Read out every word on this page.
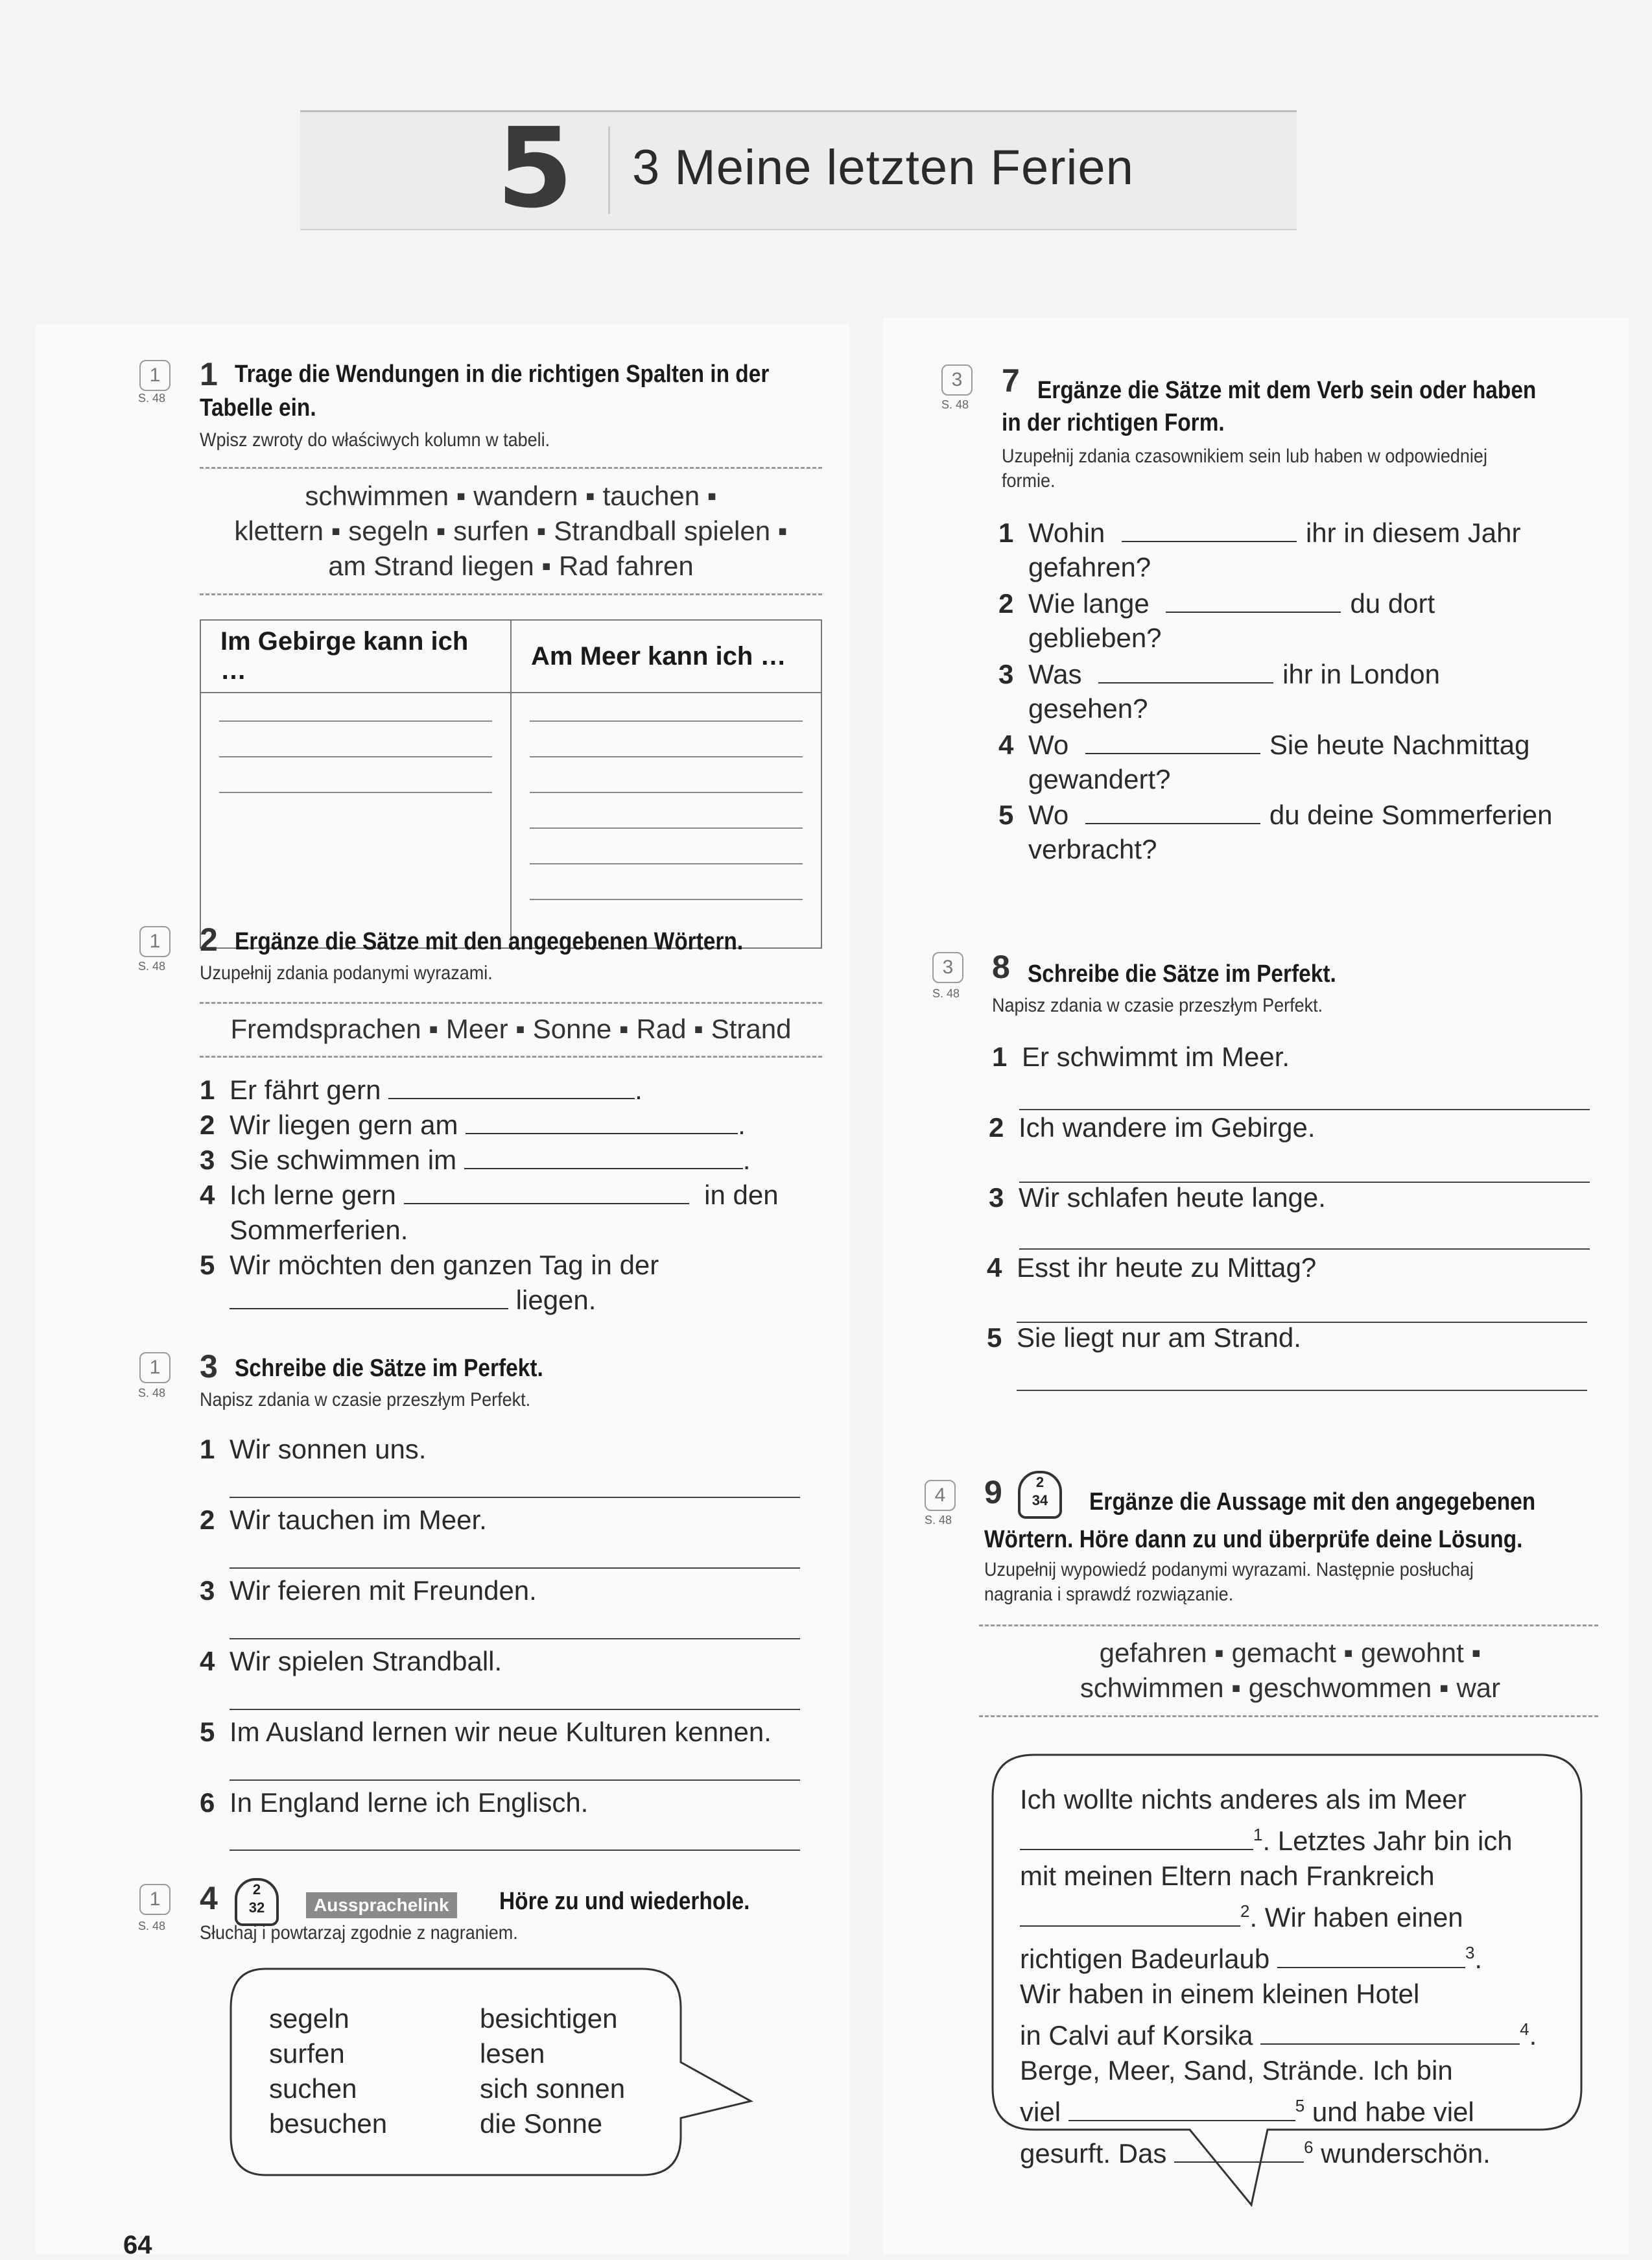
5	3 Meine letzten Ferien
1
S. 48
1 Trage die Wendungen in die richtigen Spalten in der
Tabelle ein.
Wpisz zwroty do właściwych kolumn w tabeli.
schwimmen ▪ wandern ▪ tauchen ▪
klettern ▪ segeln ▪ surfen ▪ Strandball spielen ▪
am Strand liegen ▪ Rad fahren
Im Gebirge kann ich …	Am Meer kann ich …

1
S. 48
2 Ergänze die Sätze mit den angegebenen Wörtern.
Uzupełnij zdania podanymi wyrazami.
Fremdsprachen ▪ Meer ▪ Sonne ▪ Rad ▪ Strand
1 Er fährt gern	.
2 Wir liegen gern am	.
3 Sie schwimmen im	.
4 Ich lerne gern	in den
Sommerferien.
5 Wir möchten den ganzen Tag in der
liegen.
1
S. 48
3 Schreibe die Sätze im Perfekt.
Napisz zdania w czasie przeszłym Perfekt.
1 Wir sonnen uns.
2 Wir tauchen im Meer.
3 Wir feieren mit Freunden.
4 Wir spielen Strandball.
5 Im Ausland lernen wir neue Kulturen kennen.
6 In England lerne ich Englisch.
1
S. 48
4	2
32	Aussprachelink	Höre zu und wiederhole.
Słuchaj i powtarzaj zgodnie z nagraniem.
segeln
surfen
suchen
besuchen
besichtigen
lesen
sich sonnen
die Sonne
64
3
S. 48
7 Ergänze die Sätze mit dem Verb sein oder haben
in der richtigen Form.
Uzupełnij zdania czasownikiem sein lub haben w odpowiedniej
formie.
1 Wohin	ihr in diesem Jahr
gefahren?
2 Wie lange	du dort
geblieben?
3 Was	ihr in London
gesehen?
4 Wo	Sie heute Nachmittag
gewandert?
5 Wo	du deine Sommerferien
verbracht?
3
S. 48
8 Schreibe die Sätze im Perfekt.
Napisz zdania w czasie przeszłym Perfekt.
1 Er schwimmt im Meer.
2 Ich wandere im Gebirge.
3 Wir schlafen heute lange.
4 Esst ihr heute zu Mittag?
5 Sie liegt nur am Strand.
4
S. 48
9	2
34	Ergänze die Aussage mit den angegebenen
Wörtern. Höre dann zu und überprüfe deine Lösung.
Uzupełnij wypowiedź podanymi wyrazami. Następnie posłuchaj
nagrania i sprawdź rozwiązanie.
gefahren ▪ gemacht ▪ gewohnt ▪
schwimmen ▪ geschwommen ▪ war
Ich wollte nichts anderes als im Meer
$^1$. Letztes Jahr bin ich
mit meinen Eltern nach Frankreich
$^2$. Wir haben einen
richtigen Badeurlaub	$^3$.
Wir haben in einem kleinen Hotel
in Calvi auf Korsika	$^4$.
Berge, Meer, Sand, Strände. Ich bin
viel	$^5$ und habe viel
gesurft. Das	$^6$ wunderschön.
